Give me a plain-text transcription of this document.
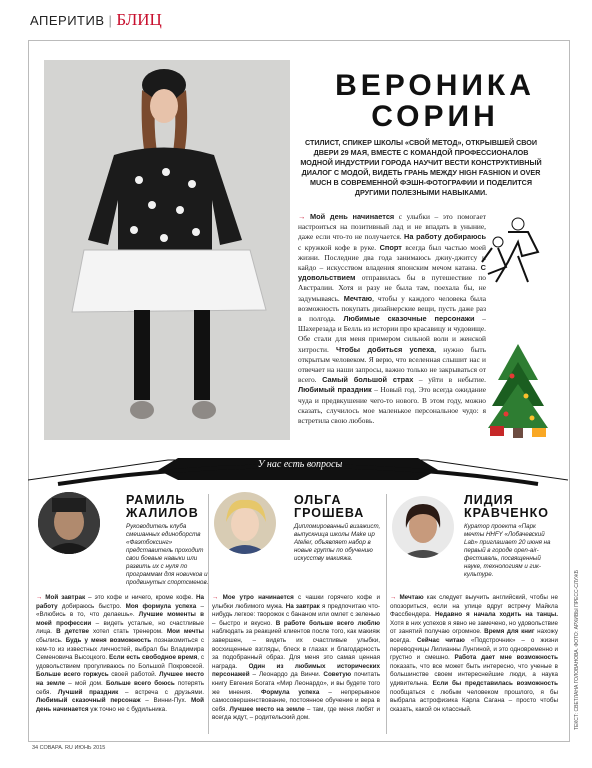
АПЕРИТИВ | БЛИЦ
ВЕРОНИКА
СОРИН
СТИЛИСТ, СПИКЕР ШКОЛЫ «СВОЙ МЕТОД», ОТКРЫВШЕЙ СВОИ ДВЕРИ 29 МАЯ, ВМЕСТЕ С КОМАНДОЙ ПРОФЕССИОНАЛОВ МОДНОЙ ИНДУСТРИИ ГОРОДА НАУЧИТ ВЕСТИ КОНСТРУКТИВНЫЙ ДИАЛОГ С МОДОЙ, ВИДЕТЬ ГРАНЬ МЕЖДУ HIGH FASHION И OVER MUCH В СОВРЕМЕННОЙ ФЭШН-ФОТОГРАФИИ И ПОДЕЛИТСЯ ДРУГИМИ ПОЛЕЗНЫМИ НАВЫКАМИ.
→ Мой день начинается с улыбки – это помогает настроиться на позитивный лад и не впадать в уныние, даже если что-то не получается. На работу добираюсь с кружкой кофе в руке. Спорт всегда был частью моей жизни. Последние два года занимаюсь джиу-джитсу и кайдо – искусством владения японским мечом катана. С удовольствием отправилась бы в путешествие по Австралии. Хотя и разу не была там, поехала бы, не задумываясь. Мечтаю, чтобы у каждого человека была возможность покупать дизайнерские вещи, пусть даже раз в полгода. Любимые сказочные персонажи – Шахерезада и Белль из истории про красавицу и чудовище. Обе стали для меня примером сильной воли и женской хитрости. Чтобы добиться успеха, нужно быть открытым человеком. Я верю, что вселенная слышит нас и отвечает на наши запросы, важно только не закрываться от всего. Самый большой страх – уйти в небытие. Любимый праздник – Новый год. Это всегда ожидание чуда и предвкушение чего-то нового. В этом году, можно сказать, случилось мое маленькое персональное чудо: я встретила свою любовь.
У нас есть вопросы
РАМИЛЬ
ЖАЛИЛОВ
Руководитель клуба смешанных единоборств «Фаэтбоксинг» представитель проходит свои боевые навыки или развить их с нуля по программам для новичков и продвинутых спортсменов.
→ Мой завтрак – это кофе и ничего, кроме кофе. На работу добираюсь быстро. Моя формула успеха – «Влюбись в то, что делаешь». Лучшие моменты в моей профессии – видеть усталые, но счастливые лица. В детстве хотел стать тренером. Мои мечты сбылись. Будь у меня возможность познакомиться с кем-то из известных личностей, выбрал бы Владимира Семеновича Высоцкого. Если есть свободное время, с удовольствием прогуливаюсь по Большой Покровской. Больше всего горжусь своей работой. Лучшее место на земле – мой дом. Больше всего боюсь потерять себя. Лучший праздник – встреча с друзьями. Любимый сказочный персонаж – Винни-Пух. Мой день начинается уж точно не с будильника.
ОЛЬГА
ГРОШЕВА
Дипломированный визажист, выпускница школы Make up Atelier, объявляет набор в новые группы по обучению искусству макияжа.
→ Мое утро начинается с чашки горячего кофе и улыбки любимого мужа. На завтрак я предпочитаю что-нибудь легкое: творожок с бананом или омлет с зеленью – быстро и вкусно. В работе больше всего люблю наблюдать за реакцией клиентов после того, как макияж завершен, – видеть их счастливые улыбки, восхищенные взгляды, блеск в глазах и благодарность за подобранный образ. Для меня это самая ценная награда. Один из любимых исторических персонажей – Леонардо да Винчи. Советую почитать книгу Евгения Богата «Мир Леонардо», и вы будете того же мнения. Формула успеха – непрерывное самосовершенствование, постоянное обучение и вера в себя. Лучшее место на земле – там, где меня любят и всегда ждут, – родительский дом.
ЛИДИЯ
КРАВЧЕНКО
Куратор проекта «Парк мечты HHFY «Лобачевский Lab» приглашает 20 июня на первый в городе open-air-фестиваль, посвященный науке, технологиям и гик-культуре.
→ Мечтаю как следует выучить английский, чтобы не опозориться, если на улице вдруг встречу Майкла Фассбендера. Недавно я начала ходить на танцы. Хотя в них успехов я явно не замечено, но удовольствие от занятий получаю огромное. Время для книг нахожу всегда. Сейчас читаю «Подстрочник» – о жизни переводчицы Лилианны Лунгиной, и это одновременно и грустно и смешно. Работа дает мне возможность показать, что все может быть интересно, что ученые в большинстве своем интереснейшие люди, а наука удивительна. Если бы представилась возможность пообщаться с любым человеком прошлого, я бы выбрала астрофизика Карла Сагана – просто чтобы сказать, какой он классный.
34 СОВАРА. RU ИЮНЬ 2015
ТЕКСТ: СВЕТЛАНА ГОЛОВАНОВА. ФОТО: АРХИВЫ ПРЕСС-СЛУЖБ
